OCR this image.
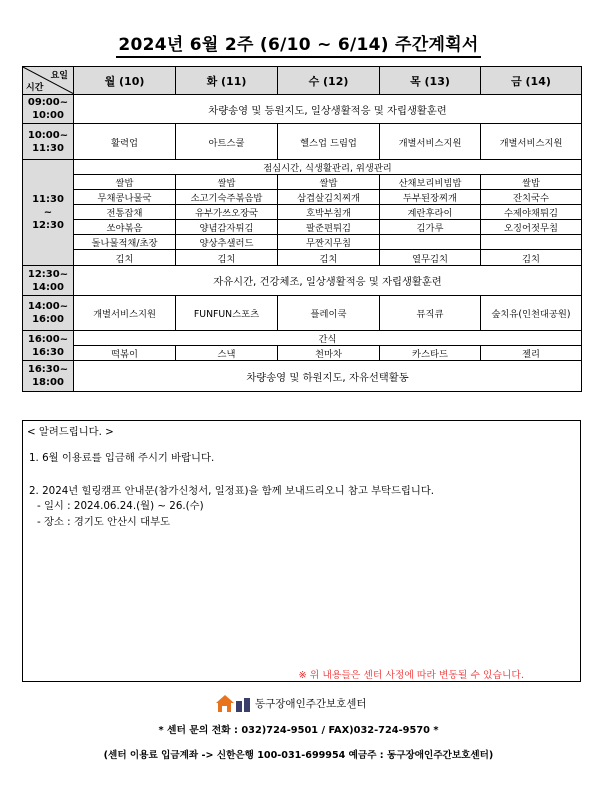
2024년 6월 2주 (6/10 ~ 6/14) 주간계획서
요일
시간	월 (10)	화 (11)	수 (12)	목 (13)	금 (14)

09:00~
10:00	차량송영 및 등원지도, 일상생활적응 및 자립생활훈련				

10:00~
11:30	활력업	아트스쿨	헬스업 드림업	개별서비스지원	개별서비스지원

11:30
~
12:30	점심시간, 식생활관리, 위생관리				
	쌀밥	쌀밥	쌀밥	산채보리비빔밥	쌀밥
	무채콩나물국	소고기숙주볶음밥	삼겹살김치찌개	두부된장찌개	잔치국수
	전통잡채	유부가쓰오장국	호박부침개	계란후라이	수제야채튀김
	쏘야볶음	양념감자튀김	팔준편튀김	김가루	오징어젓무침
	돌나물적채/초장	양상추샐러드	무짠지무침		
	김치	김치	김치	열무김치	김치

12:30~
14:00	자유시간, 건강체조, 일상생활적응 및 자립생활훈련				

14:00~
16:00	개별서비스지원	FUNFUN스포츠	플레이쿡	뮤직큐	숲치유(인천대공원)

16:00~
16:30	간식				
	떡볶이	스낵	천마차	카스타드	젤리

16:30~
18:00	차량송영 및 하원지도, 자유선택활동				
< 알려드립니다. >
1. 6월 이용료를 입금해 주시기 바랍니다.
2. 2024년 힐링캠프 안내문(참가신청서, 일정표)을 함께 보내드리오니 참고 부탁드립니다.
- 일시 : 2024.06.24.(월) ~ 26.(수)
- 장소 : 경기도 안산시 대부도
※ 위 내용들은 센터 사정에 따라 변동될 수 있습니다.
동구장애인주간보호센터
* 센터 문의 전화 : 032)724-9501 / FAX)032-724-9570 *
(센터 이용료 입금계좌 -> 신한은행 100-031-699954 예금주 : 동구장애인주간보호센터)
